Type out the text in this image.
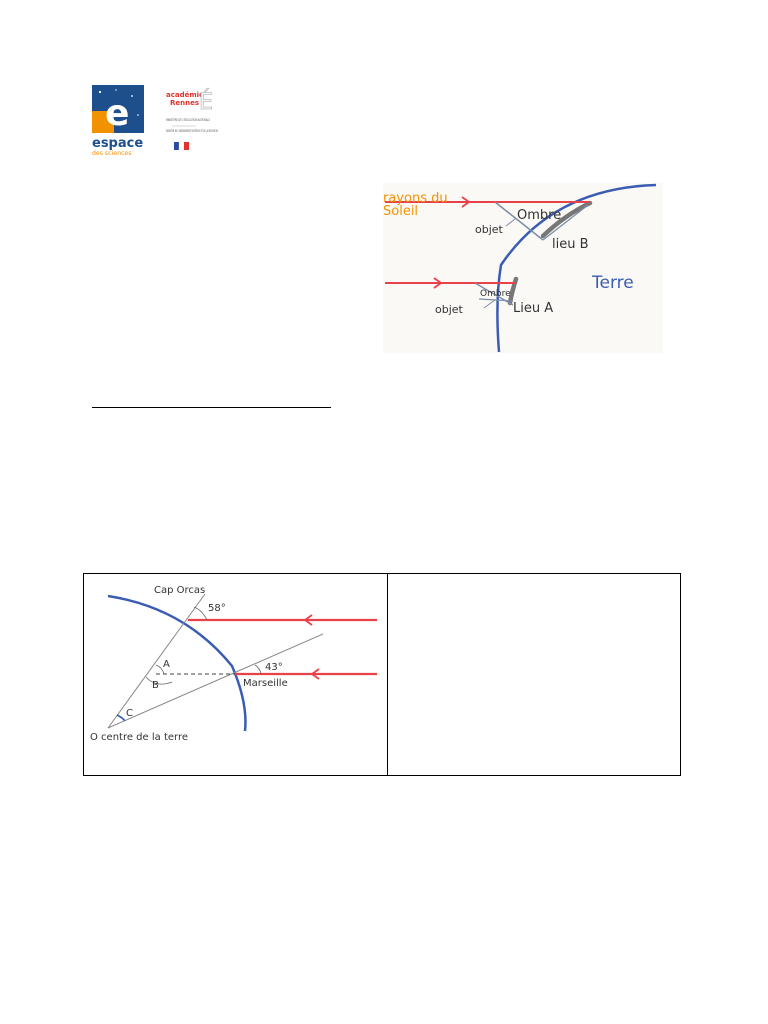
e
espace
des sciences
académie
Rennes É
MINISTÈRE DE L'ÉDUCATION NATIONALE
MINISTÈRE DE L'ENSEIGNEMENT SUPÉRIEUR ET DE LA RECHERCHE
rayons du
Soleil	Ombre
objet
lieu B
Terre
Ombre
objet	Lieu A
Cap Orcas
58°
43°
Marseille
A
B
C
O centre de la terre
